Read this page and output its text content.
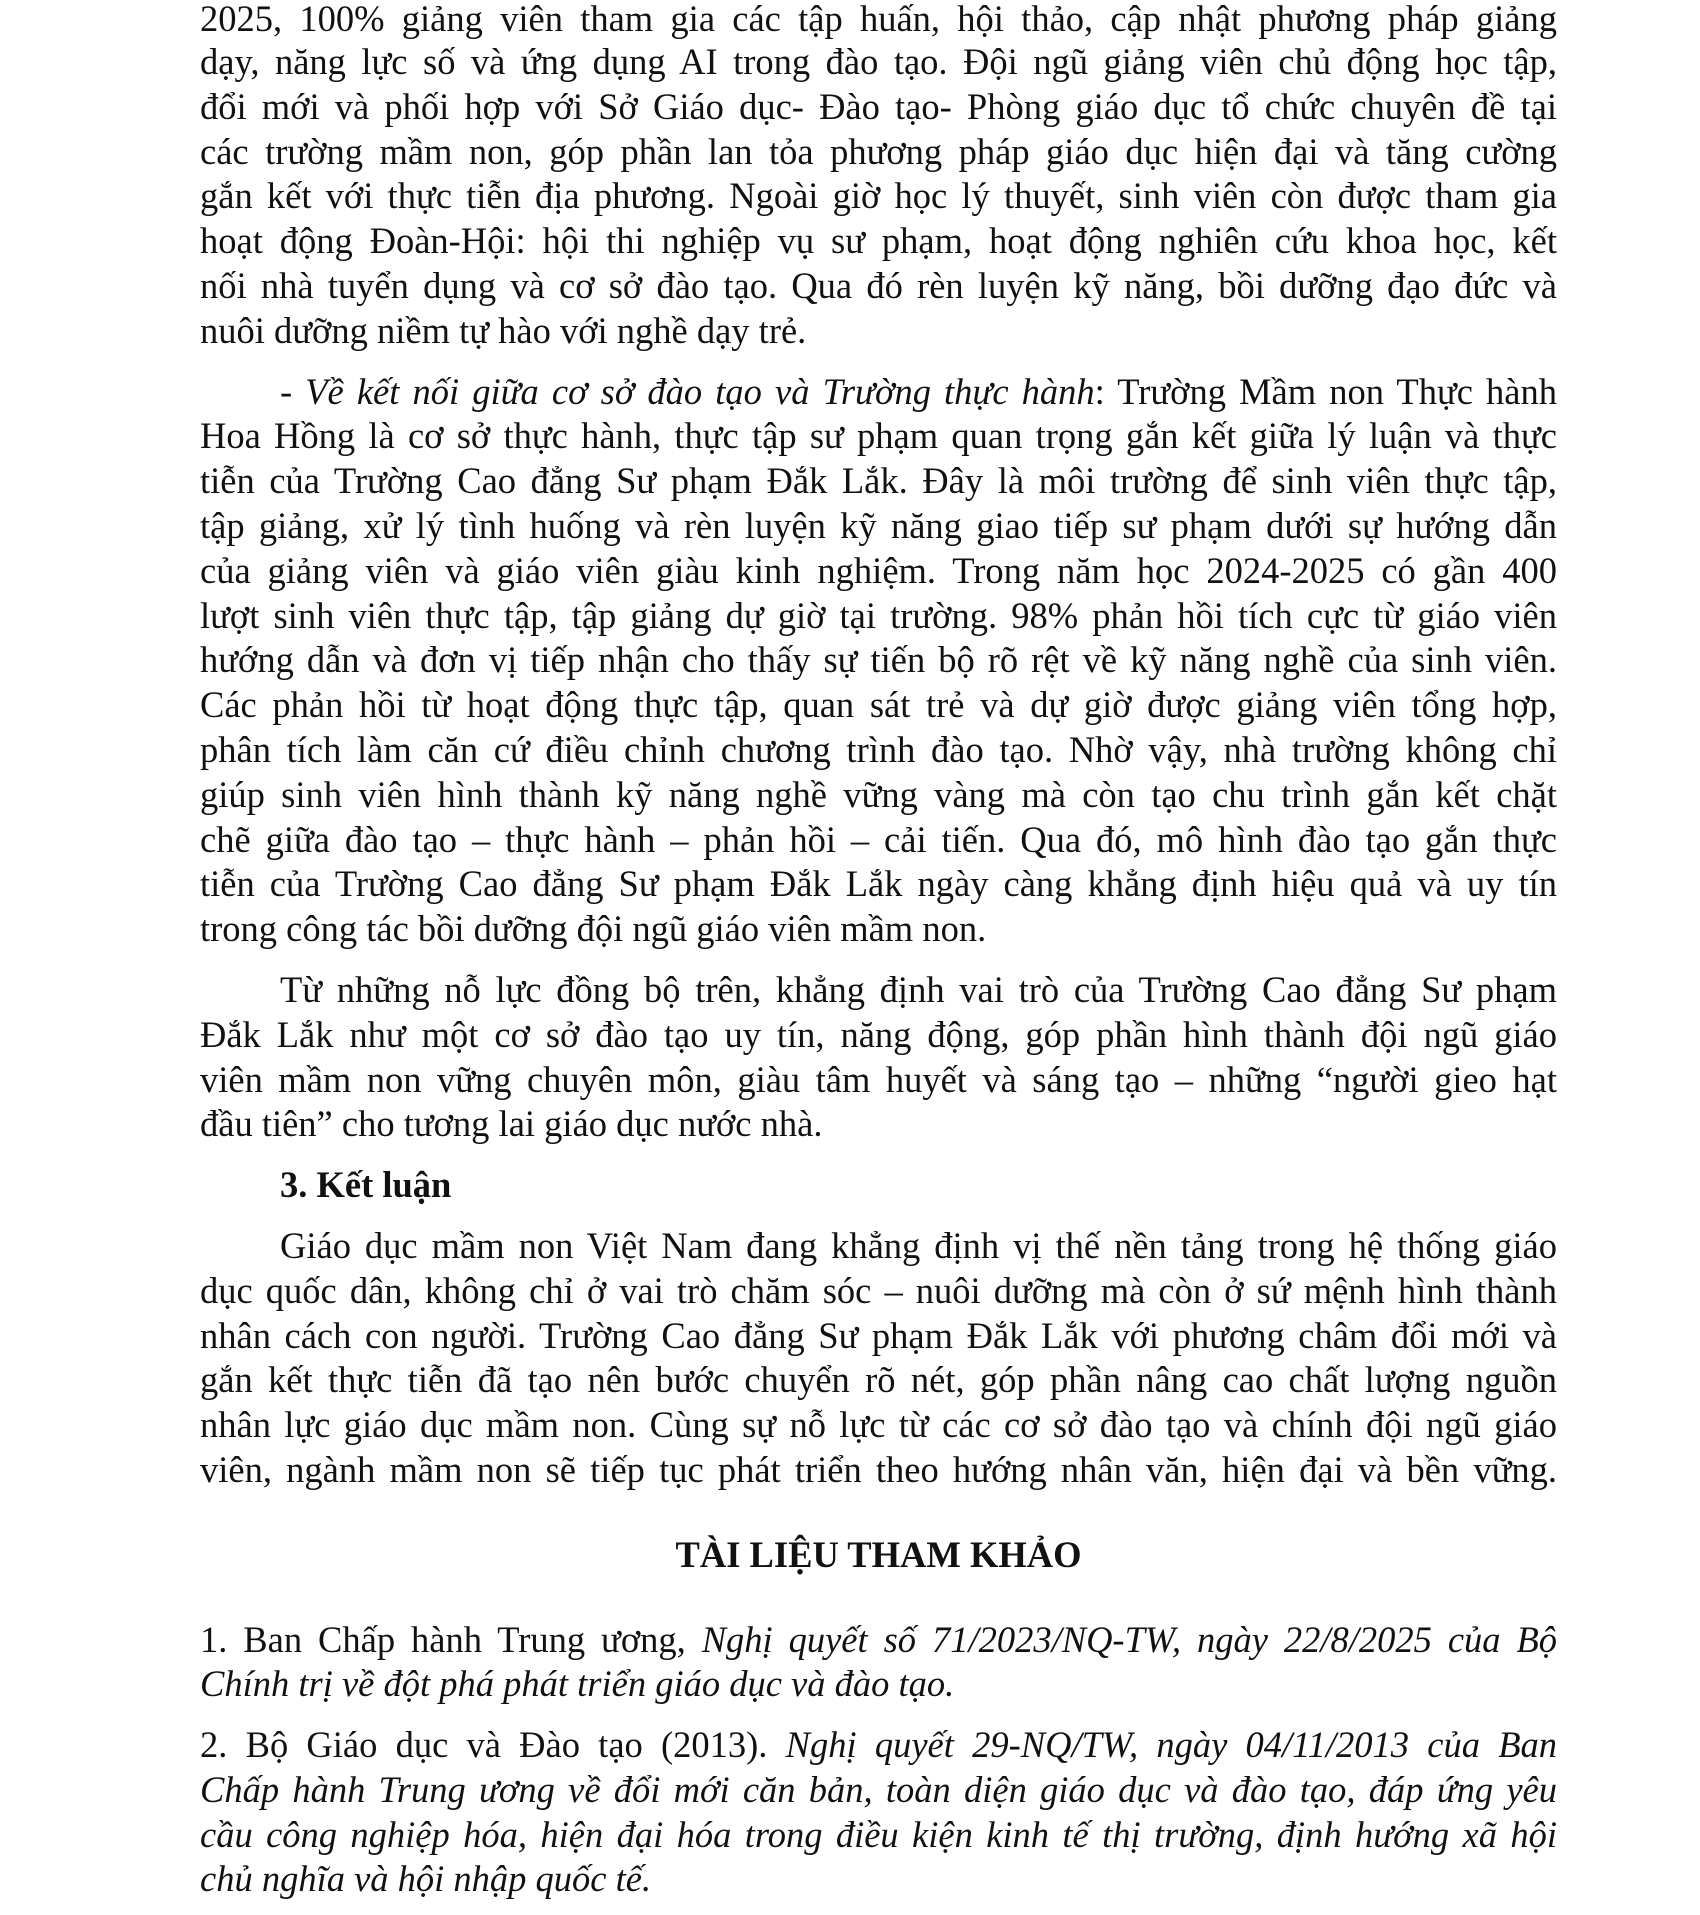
2025, 100% giảng viên tham gia các tập huấn, hội thảo, cập nhật phương pháp giảng
dạy, năng lực số và ứng dụng AI trong đào tạo. Đội ngũ giảng viên chủ động học tập,
đổi mới và phối hợp với Sở Giáo dục- Đào tạo- Phòng giáo dục tổ chức chuyên đề tại
các trường mầm non, góp phần lan tỏa phương pháp giáo dục hiện đại và tăng cường
gắn kết với thực tiễn địa phương. Ngoài giờ học lý thuyết, sinh viên còn được tham gia
hoạt động Đoàn-Hội: hội thi nghiệp vụ sư phạm, hoạt động nghiên cứu khoa học, kết
nối nhà tuyển dụng và cơ sở đào tạo. Qua đó rèn luyện kỹ năng, bồi dưỡng đạo đức và
nuôi dưỡng niềm tự hào với nghề dạy trẻ.
- Về kết nối giữa cơ sở đào tạo và Trường thực hành: Trường Mầm non Thực hành
Hoa Hồng là cơ sở thực hành, thực tập sư phạm quan trọng gắn kết giữa lý luận và thực
tiễn của Trường Cao đẳng Sư phạm Đắk Lắk. Đây là môi trường để sinh viên thực tập,
tập giảng, xử lý tình huống và rèn luyện kỹ năng giao tiếp sư phạm dưới sự hướng dẫn
của giảng viên và giáo viên giàu kinh nghiệm. Trong năm học 2024-2025 có gần 400
lượt sinh viên thực tập, tập giảng dự giờ tại trường. 98% phản hồi tích cực từ giáo viên
hướng dẫn và đơn vị tiếp nhận cho thấy sự tiến bộ rõ rệt về kỹ năng nghề của sinh viên.
Các phản hồi từ hoạt động thực tập, quan sát trẻ và dự giờ được giảng viên tổng hợp,
phân tích làm căn cứ điều chỉnh chương trình đào tạo. Nhờ vậy, nhà trường không chỉ
giúp sinh viên hình thành kỹ năng nghề vững vàng mà còn tạo chu trình gắn kết chặt
chẽ giữa đào tạo – thực hành – phản hồi – cải tiến. Qua đó, mô hình đào tạo gắn thực
tiễn của Trường Cao đẳng Sư phạm Đắk Lắk ngày càng khẳng định hiệu quả và uy tín
trong công tác bồi dưỡng đội ngũ giáo viên mầm non.
Từ những nỗ lực đồng bộ trên, khẳng định vai trò của Trường Cao đẳng Sư phạm
Đắk Lắk như một cơ sở đào tạo uy tín, năng động, góp phần hình thành đội ngũ giáo
viên mầm non vững chuyên môn, giàu tâm huyết và sáng tạo – những “người gieo hạt
đầu tiên” cho tương lai giáo dục nước nhà.
3. Kết luận
Giáo dục mầm non Việt Nam đang khẳng định vị thế nền tảng trong hệ thống giáo
dục quốc dân, không chỉ ở vai trò chăm sóc – nuôi dưỡng mà còn ở sứ mệnh hình thành
nhân cách con người. Trường Cao đẳng Sư phạm Đắk Lắk với phương châm đổi mới và
gắn kết thực tiễn đã tạo nên bước chuyển rõ nét, góp phần nâng cao chất lượng nguồn
nhân lực giáo dục mầm non. Cùng sự nỗ lực từ các cơ sở đào tạo và chính đội ngũ giáo
viên, ngành mầm non sẽ tiếp tục phát triển theo hướng nhân văn, hiện đại và bền vững.
TÀI LIỆU THAM KHẢO
1. Ban Chấp hành Trung ương, Nghị quyết số 71/2023/NQ-TW, ngày 22/8/2025 của Bộ
Chính trị về đột phá phát triển giáo dục và đào tạo.
2. Bộ Giáo dục và Đào tạo (2013). Nghị quyết 29-NQ/TW, ngày 04/11/2013 của Ban
Chấp hành Trung ương về đổi mới căn bản, toàn diện giáo dục và đào tạo, đáp ứng yêu
cầu công nghiệp hóa, hiện đại hóa trong điều kiện kinh tế thị trường, định hướng xã hội
chủ nghĩa và hội nhập quốc tế.
